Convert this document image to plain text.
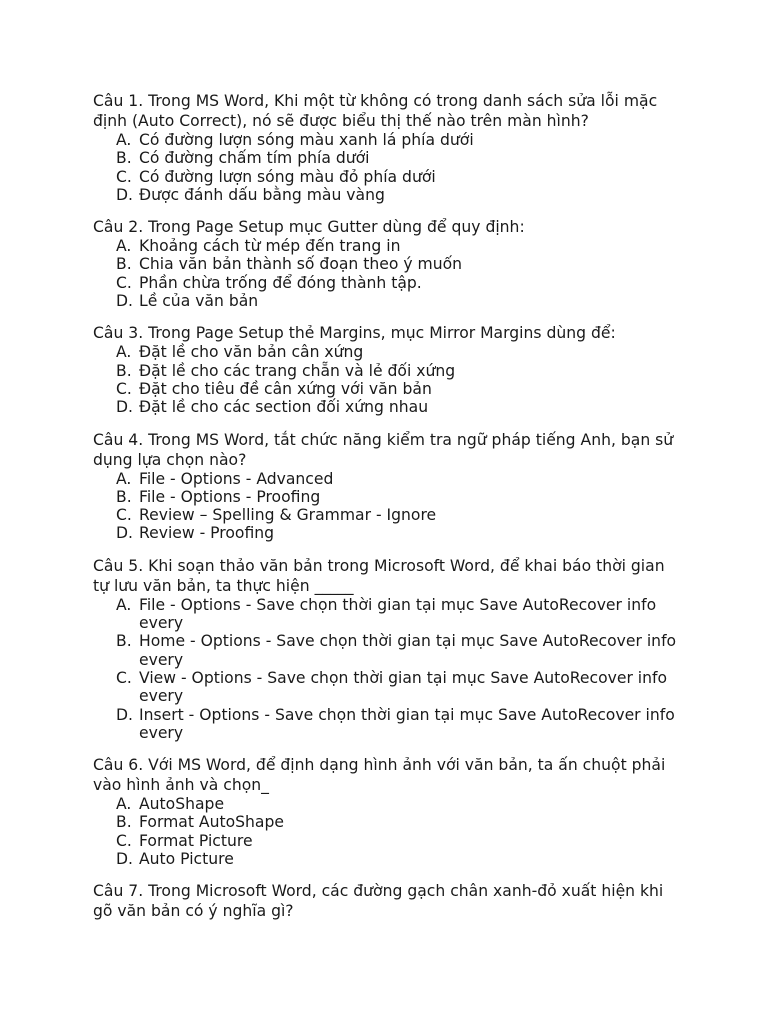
Câu 1. Trong MS Word, Khi một từ không có trong danh sách sửa lỗi mặc định (Auto Correct), nó sẽ được biểu thị thế nào trên màn hình?

A. Có đường lượn sóng màu xanh lá phía dưới
B. Có đường chấm tím phía dưới
C. Có đường lượn sóng màu đỏ phía dưới
D. Được đánh dấu bằng màu vàng

Câu 2. Trong Page Setup mục Gutter dùng để quy định:

A. Khoảng cách từ mép đến trang in
B. Chia văn bản thành số đoạn theo ý muốn
C. Phần chừa trống để đóng thành tập.
D. Lề của văn bản

Câu 3. Trong Page Setup thẻ Margins, mục Mirror Margins dùng để:

A. Đặt lề cho văn bản cân xứng
B. Đặt lề cho các trang chẵn và lẻ đối xứng
C. Đặt cho tiêu đề cân xứng với văn bản
D. Đặt lề cho các section đối xứng nhau

Câu 4. Trong MS Word, tắt chức năng kiểm tra ngữ pháp tiếng Anh, bạn sử dụng lựa chọn nào?

A. File - Options - Advanced
B. File - Options - Proofing
C. Review – Spelling & Grammar - Ignore
D. Review - Proofing

Câu 5. Khi soạn thảo văn bản trong Microsoft Word, để khai báo thời gian tự lưu văn bản, ta thực hiện _____

A. File - Options - Save chọn thời gian tại mục Save AutoRecover info every
B. Home - Options - Save chọn thời gian tại mục Save AutoRecover info every
C. View - Options - Save chọn thời gian tại mục Save AutoRecover info every
D. Insert - Options - Save chọn thời gian tại mục Save AutoRecover info every

Câu 6. Với MS Word, để định dạng hình ảnh với văn bản, ta ấn chuột phải vào hình ảnh và chọn_

A. AutoShape
B. Format AutoShape
C. Format Picture
D. Auto Picture

Câu 7. Trong Microsoft Word, các đường gạch chân xanh-đỏ xuất hiện khi gõ văn bản có ý nghĩa gì?
